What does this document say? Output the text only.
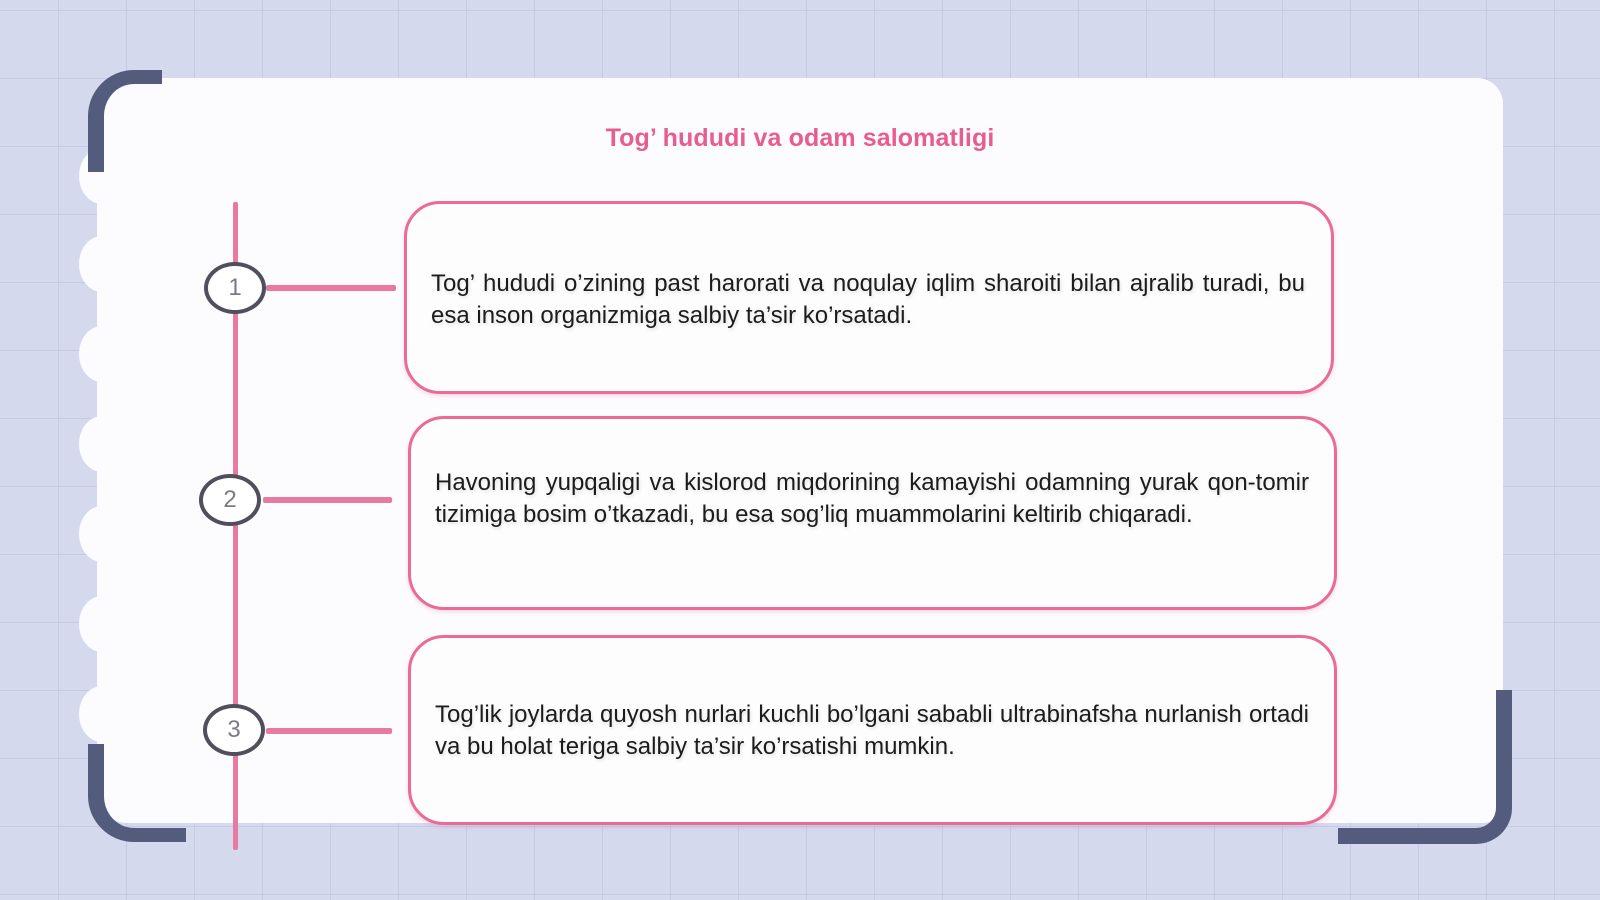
Tog’ hududi va odam salomatligi
1	Tog’ hududi o’zining past harorati va noqulay iqlim sharoiti bilan ajralib turadi, bu esa inson organizmiga salbiy ta’sir ko’rsatadi.
2
Havoning yupqaligi va kislorod miqdorining kamayishi odamning yurak qon-tomir tizimiga bosim o’tkazadi, bu esa sog’liq muammolarini keltirib chiqaradi.
3
Tog’lik joylarda quyosh nurlari kuchli bo’lgani sababli ultrabinafsha nurlanish ortadi va bu holat teriga salbiy ta’sir ko’rsatishi mumkin.
